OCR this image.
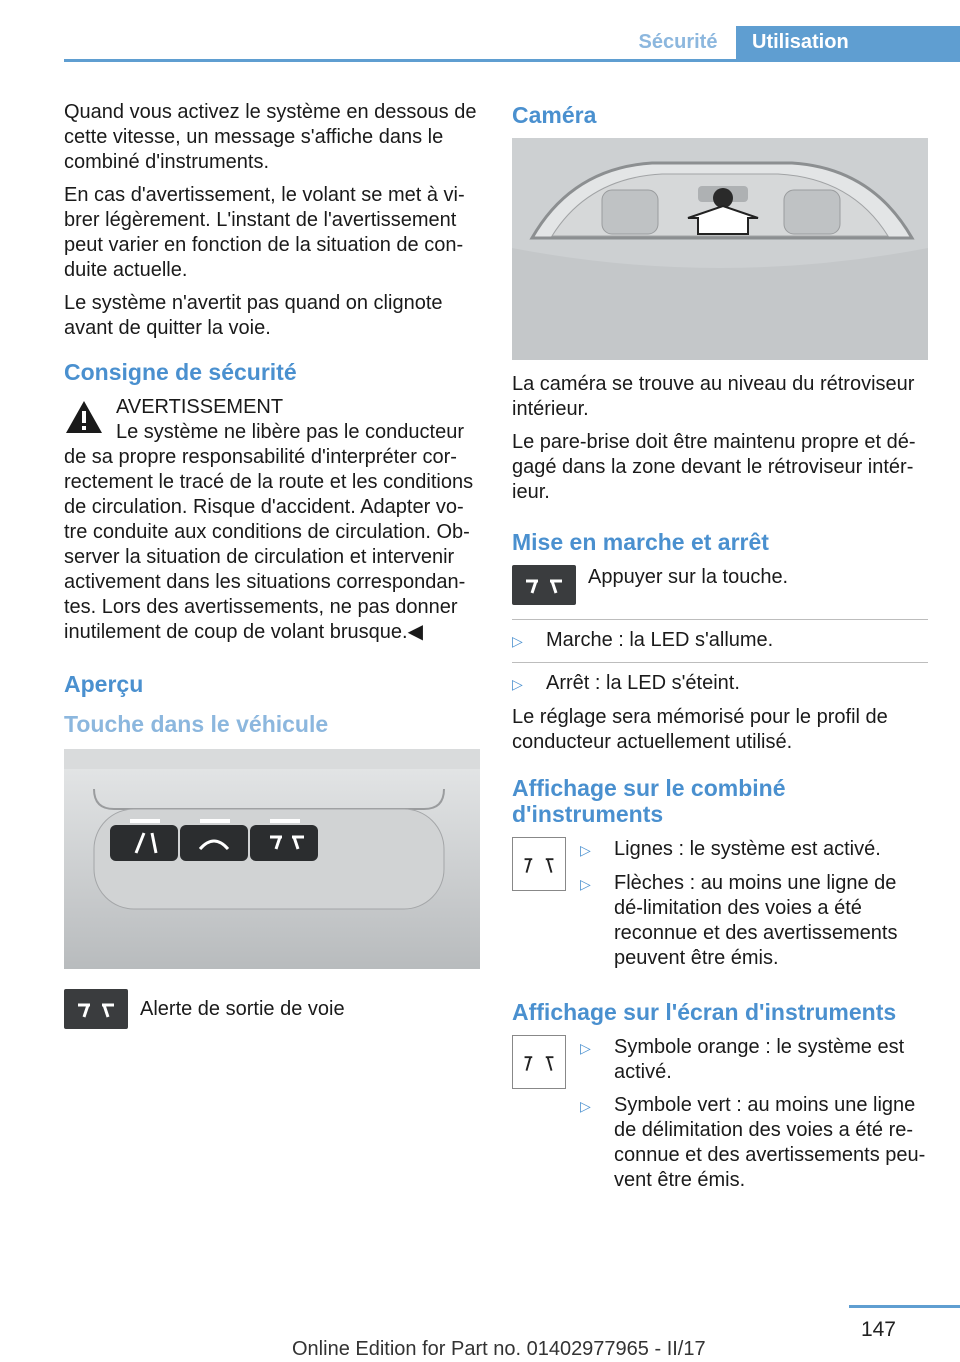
Sécurité	Utilisation

Quand vous activez le système en dessous de cette vitesse, un message s'affiche dans le combiné d'instruments.

En cas d'avertissement, le volant se met à vi-brer légèrement. L'instant de l'avertissement peut varier en fonction de la situation de con-duite actuelle.

Le système n'avertit pas quand on clignote avant de quitter la voie.

Consigne de sécurité
AVERTISSEMENT
Le système ne libère pas le conducteur
de sa propre responsabilité d'interpréter cor-rectement le tracé de la route et les conditions de circulation. Risque d'accident. Adapter vo-tre conduite aux conditions de circulation. Ob-server la situation de circulation et intervenir activement dans les situations correspondan-tes. Lors des avertissements, ne pas donner inutilement de coup de volant brusque.◀
Aperçu
Touche dans le véhicule
Alerte de sortie de voie
Caméra

La caméra se trouve au niveau du rétroviseur intérieur.

Le pare-brise doit être maintenu propre et dé-gagé dans la zone devant le rétroviseur intér-ieur.

Mise en marche et arrêt
Appuyer sur la touche.
▷	Marche : la LED s'allume.
▷	Arrêt : la LED s'éteint.

Le réglage sera mémorisé pour le profil de conducteur actuellement utilisé.

Affichage sur le combiné d'instruments
▷	Lignes : le système est activé.
▷	Flèches : au moins une ligne de dé-limitation des voies a été reconnue et des avertissements peuvent être émis.
Affichage sur l'écran d'instruments
▷	Symbole orange : le système est activé.
▷	Symbole vert : au moins une ligne de délimitation des voies a été re-connue et des avertissements peu-vent être émis.
147
Online Edition for Part no. 01402977965 - II/17
